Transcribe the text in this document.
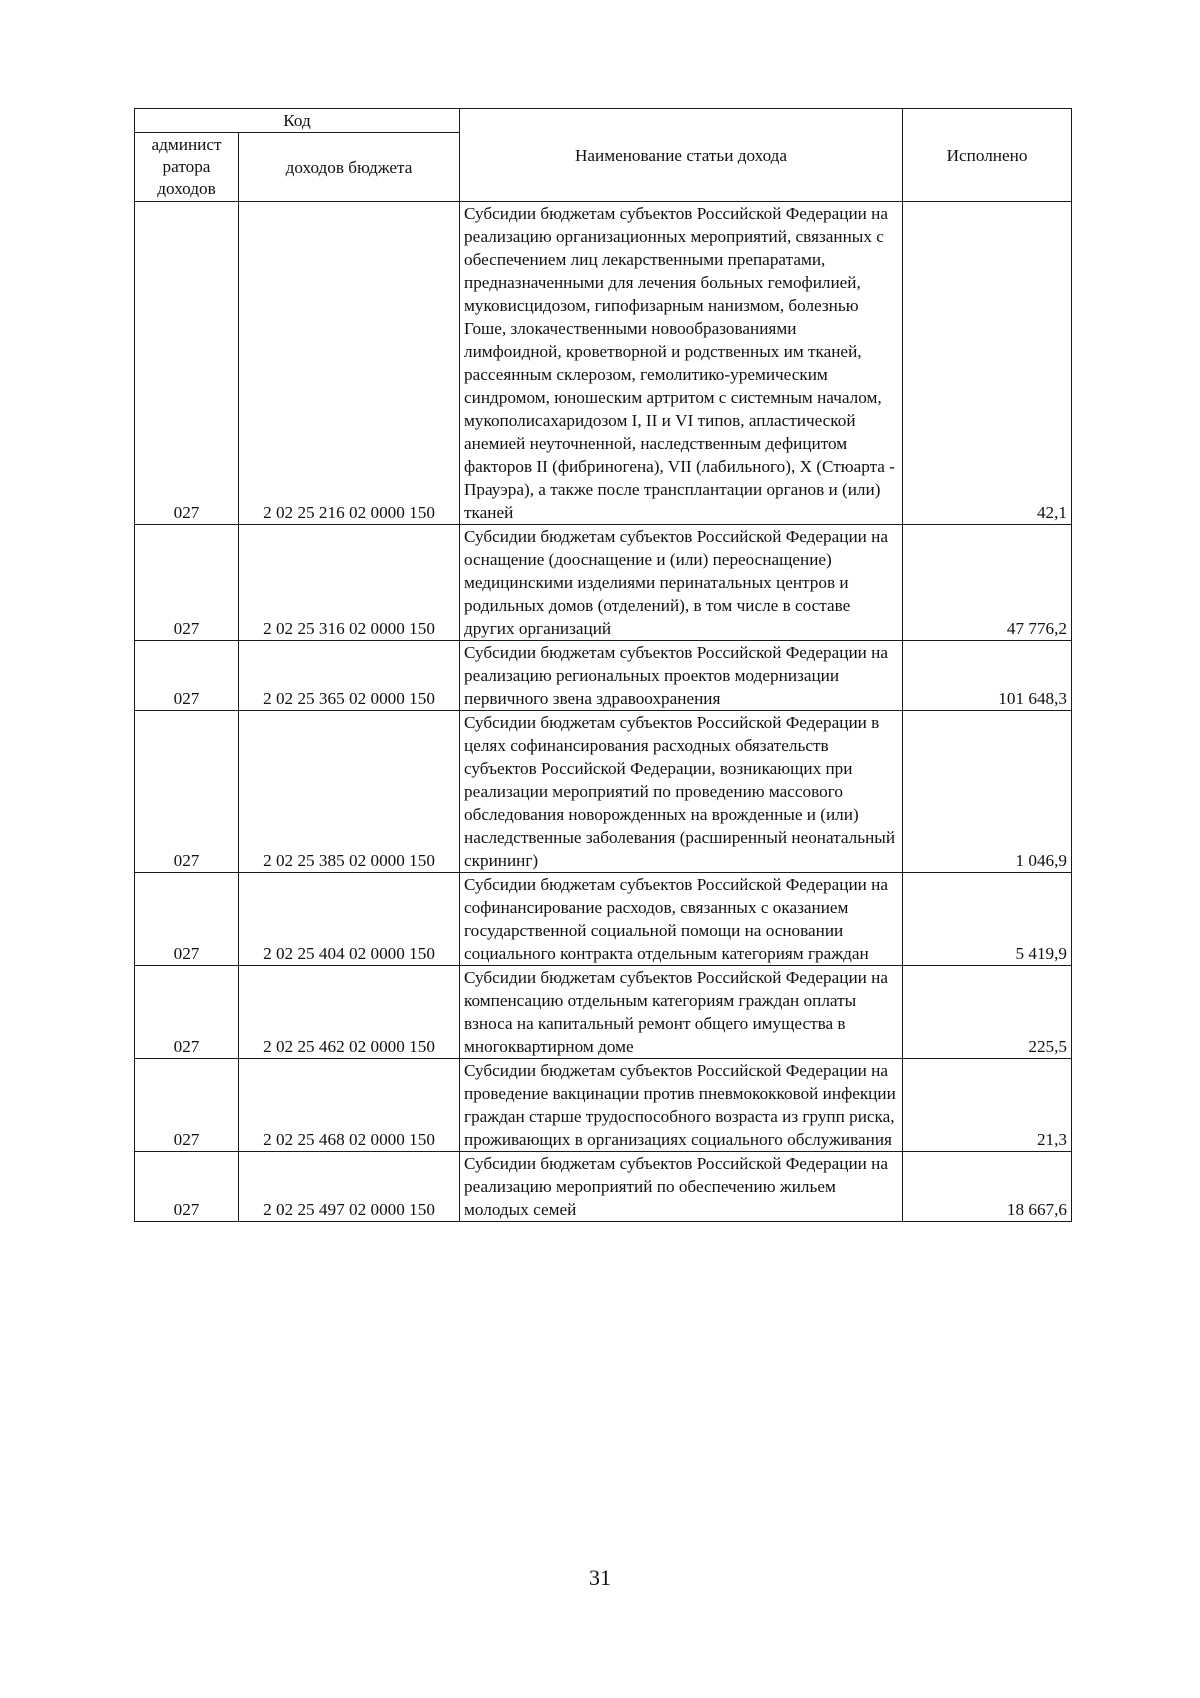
Код		Наименование статьи дохода	Исполнено
админист ратора доходов	доходов бюджета		
027	2 02 25 216 02 0000 150	Субсидии бюджетам субъектов Российской Федерации на реализацию организационных мероприятий, связанных с обеспечением лиц лекарственными препаратами, предназначенными для лечения больных гемофилией, муковисцидозом, гипофизарным нанизмом, болезнью Гоше, злокачественными новообразованиями лимфоидной, кроветворной и родственных им тканей, рассеянным склерозом, гемолитико-уремическим синдромом, юношеским артритом с системным началом, мукополисахаридозом I, II и VI типов, апластической анемией неуточненной, наследственным дефицитом факторов II (фибриногена), VII (лабильного), X (Стюарта - Прауэра), а также после трансплантации органов и (или) тканей	42,1
027	2 02 25 316 02 0000 150	Субсидии бюджетам субъектов Российской Федерации на оснащение (дооснащение и (или) переоснащение) медицинскими изделиями перинатальных центров и родильных домов (отделений), в том числе в составе других организаций	47 776,2
027	2 02 25 365 02 0000 150	Субсидии бюджетам субъектов Российской Федерации на реализацию региональных проектов модернизации первичного звена здравоохранения	101 648,3
027	2 02 25 385 02 0000 150	Субсидии бюджетам субъектов Российской Федерации в целях софинансирования расходных обязательств субъектов Российской Федерации, возникающих при реализации мероприятий по проведению массового обследования новорожденных на врожденные и (или) наследственные заболевания (расширенный неонатальный скрининг)	1 046,9
027	2 02 25 404 02 0000 150	Субсидии бюджетам субъектов Российской Федерации на софинансирование расходов, связанных с оказанием государственной социальной помощи на основании социального контракта отдельным категориям граждан	5 419,9
027	2 02 25 462 02 0000 150	Субсидии бюджетам субъектов Российской Федерации на компенсацию отдельным категориям граждан оплаты взноса на капитальный ремонт общего имущества в многоквартирном доме	225,5
027	2 02 25 468 02 0000 150	Субсидии бюджетам субъектов Российской Федерации на проведение вакцинации против пневмококковой инфекции граждан старше трудоспособного возраста из групп риска, проживающих в организациях социального обслуживания	21,3
027	2 02 25 497 02 0000 150	Субсидии бюджетам субъектов Российской Федерации на реализацию мероприятий по обеспечению жильем молодых семей	18 667,6
31
